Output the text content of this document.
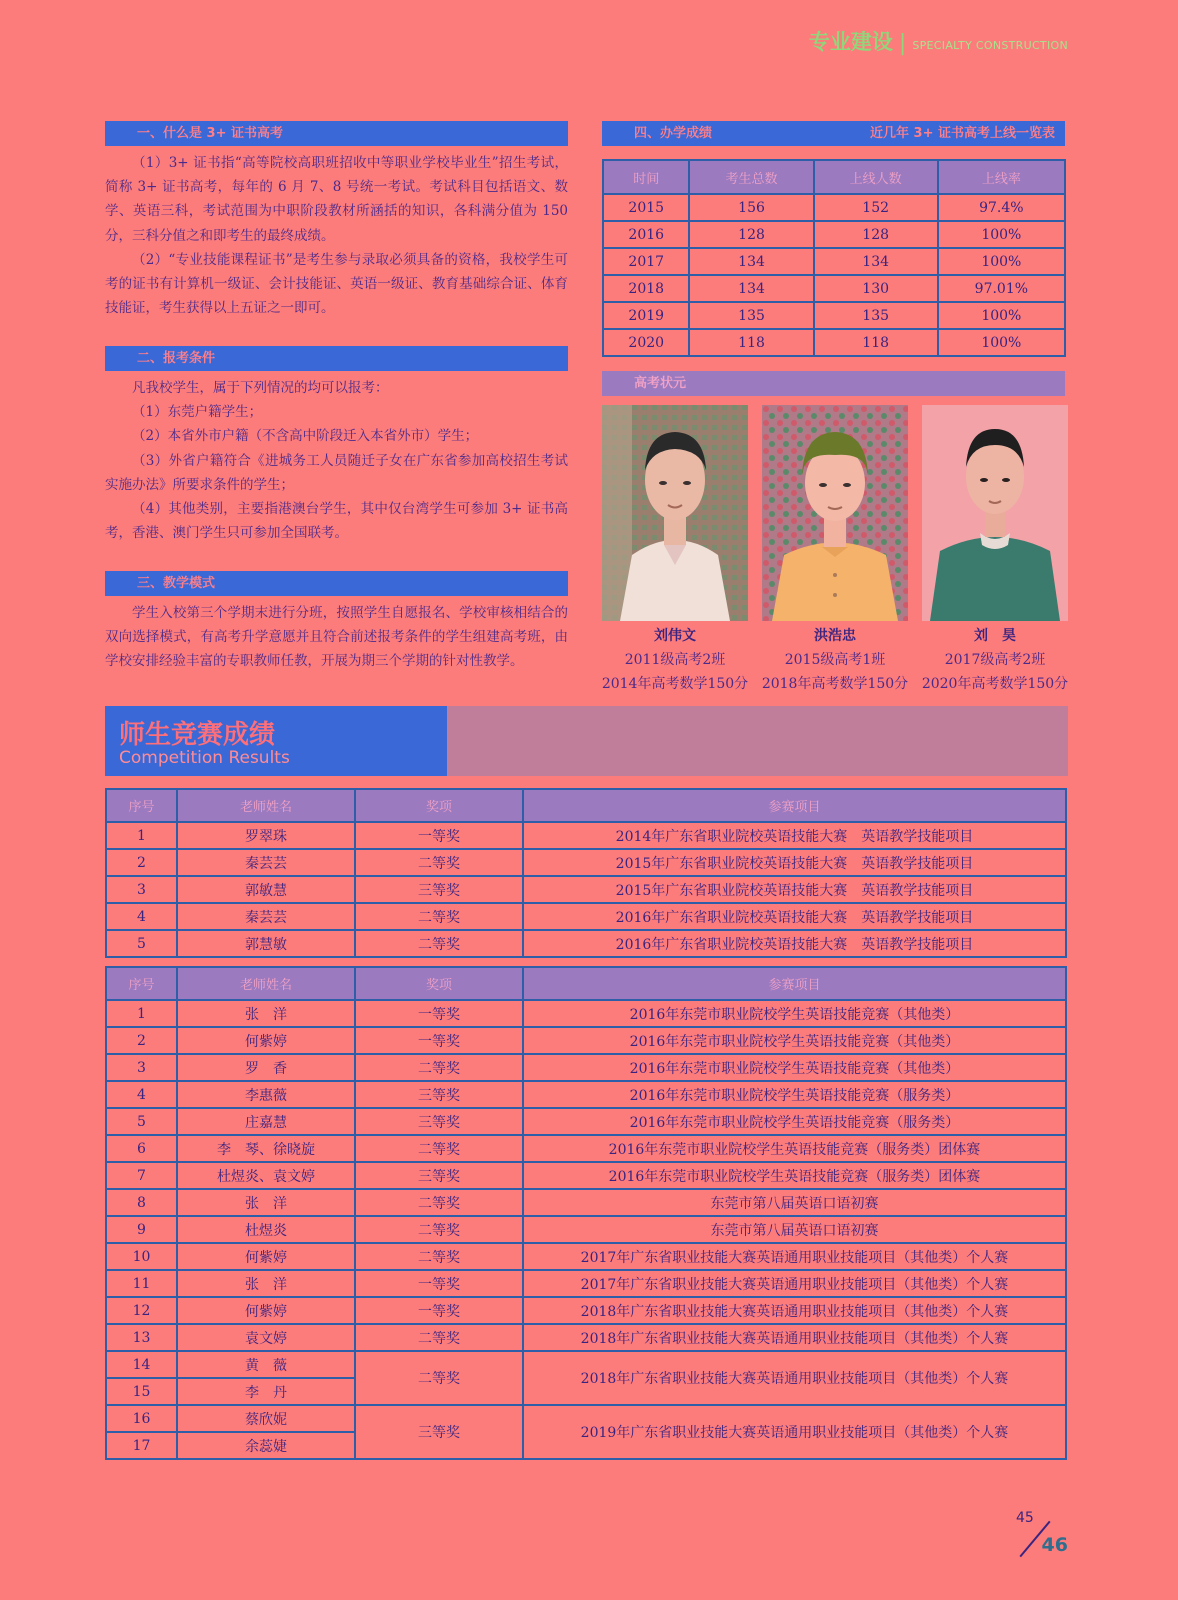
专业建设 | SPECIALTY CONSTRUCTION
一、什么是 3+ 证书高考

（1）3+ 证书指“高等院校高职班招收中等职业学校毕业生”招生考试，简称 3+ 证书高考，每年的 6 月 7、8 号统一考试。考试科目包括语文、数学、英语三科，考试范围为中职阶段教材所涵括的知识，各科满分值为 150 分，三科分值之和即考生的最终成绩。

（2）“专业技能课程证书”是考生参与录取必须具备的资格，我校学生可考的证书有计算机一级证、会计技能证、英语一级证、教育基础综合证、体育技能证，考生获得以上五证之一即可。

二、报考条件

凡我校学生，属于下列情况的均可以报考：

（1）东莞户籍学生；

（2）本省外市户籍（不含高中阶段迁入本省外市）学生；

（3）外省户籍符合《进城务工人员随迁子女在广东省参加高校招生考试实施办法》所要求条件的学生；

（4）其他类别，主要指港澳台学生，其中仅台湾学生可参加 3+ 证书高考，香港、澳门学生只可参加全国联考。

三、教学模式

学生入校第三个学期末进行分班，按照学生自愿报名、学校审核相结合的双向选择模式，有高考升学意愿并且符合前述报考条件的学生组建高考班，由学校安排经验丰富的专职教师任教，开展为期三个学期的针对性教学。

四、办学成绩	近几年 3+ 证书高考上线一览表
时间	考生总数	上线人数	上线率
2015	156	152	97.4%
2016	128	128	100%
2017	134	134	100%
2018	134	130	97.01%
2019	135	135	100%
2020	118	118	100%
高考状元
刘伟文
2011级高考2班
2014年高考数学150分
洪浩忠
2015级高考1班
2018年高考数学150分
刘　昊
2017级高考2班
2020年高考数学150分
师生竞赛成绩
Competition Results
序号	老师姓名	奖项	参赛项目
1	罗翠珠	一等奖	2014年广东省职业院校英语技能大赛　英语教学技能项目
2	秦芸芸	二等奖	2015年广东省职业院校英语技能大赛　英语教学技能项目
3	郭敏慧	三等奖	2015年广东省职业院校英语技能大赛　英语教学技能项目
4	秦芸芸	二等奖	2016年广东省职业院校英语技能大赛　英语教学技能项目
5	郭慧敏	二等奖	2016年广东省职业院校英语技能大赛　英语教学技能项目
序号	老师姓名	奖项	参赛项目
1	张　洋	一等奖	2016年东莞市职业院校学生英语技能竞赛（其他类）
2	何紫婷	一等奖	2016年东莞市职业院校学生英语技能竞赛（其他类）
3	罗　香	二等奖	2016年东莞市职业院校学生英语技能竞赛（其他类）
4	李惠薇	三等奖	2016年东莞市职业院校学生英语技能竞赛（服务类）
5	庄嘉慧	三等奖	2016年东莞市职业院校学生英语技能竞赛（服务类）
6	李　琴、徐晓旋	二等奖	2016年东莞市职业院校学生英语技能竞赛（服务类）团体赛
7	杜煜炎、袁文婷	三等奖	2016年东莞市职业院校学生英语技能竞赛（服务类）团体赛
8	张　洋	二等奖	东莞市第八届英语口语初赛
9	杜煜炎	二等奖	东莞市第八届英语口语初赛
10	何紫婷	二等奖	2017年广东省职业技能大赛英语通用职业技能项目（其他类）个人赛
11	张　洋	一等奖	2017年广东省职业技能大赛英语通用职业技能项目（其他类）个人赛
12	何紫婷	一等奖	2018年广东省职业技能大赛英语通用职业技能项目（其他类）个人赛
13	袁文婷	二等奖	2018年广东省职业技能大赛英语通用职业技能项目（其他类）个人赛
14	黄　薇	二等奖	2018年广东省职业技能大赛英语通用职业技能项目（其他类）个人赛
15	李　丹		
16	蔡欣妮	三等奖	2019年广东省职业技能大赛英语通用职业技能项目（其他类）个人赛
17	余蕊婕		
45
46
